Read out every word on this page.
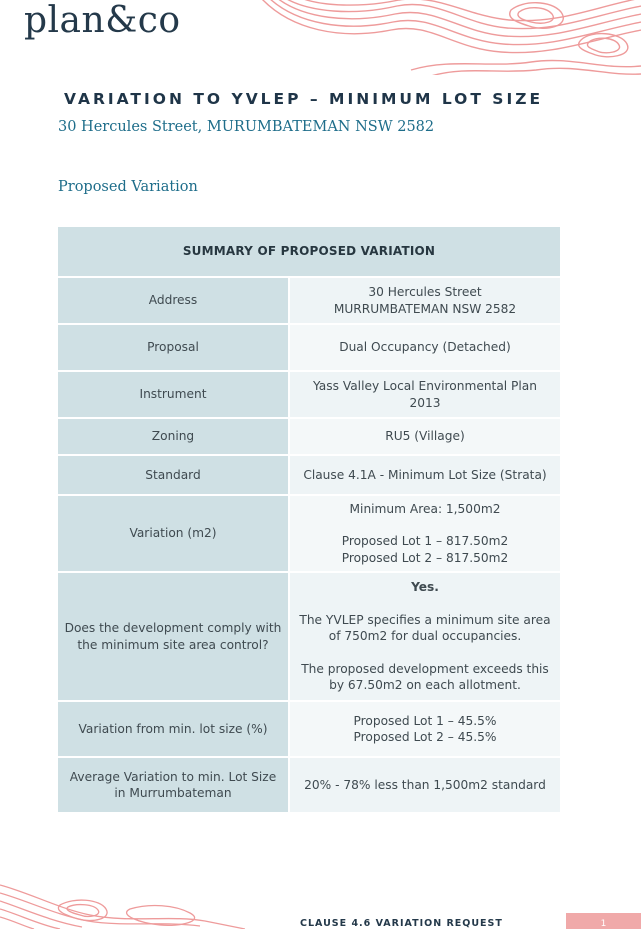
plan&co
VARIATION TO YVLEP – MINIMUM LOT SIZE
30 Hercules Street, MURUMBATEMAN NSW 2582
Proposed Variation
SUMMARY OF PROPOSED VARIATION	
Address	30 Hercules Street

MURRUMBATEMAN NSW 2582

Proposal	Dual Occupancy (Detached)

Instrument	Yass Valley Local Environmental Plan 2013

Zoning	RU5 (Village)

Standard	Clause 4.1A - Minimum Lot Size (Strata)

Variation (m2)	Minimum Area: 1,500m2

Proposed Lot 1 – 817.50m2

Proposed Lot 2 – 817.50m2

Does the development comply with the minimum site area control?	Yes.

The YVLEP specifies a minimum site area of 750m2 for dual occupancies.

The proposed development exceeds this by 67.50m2 on each allotment.

Variation from min. lot size (%)	Proposed Lot 1 – 45.5%

Proposed Lot 2 – 45.5%

Average Variation to min. Lot Size in Murrumbateman	20% - 78% less than 1,500m2 standard

CLAUSE 4.6 VARIATION REQUEST	1
